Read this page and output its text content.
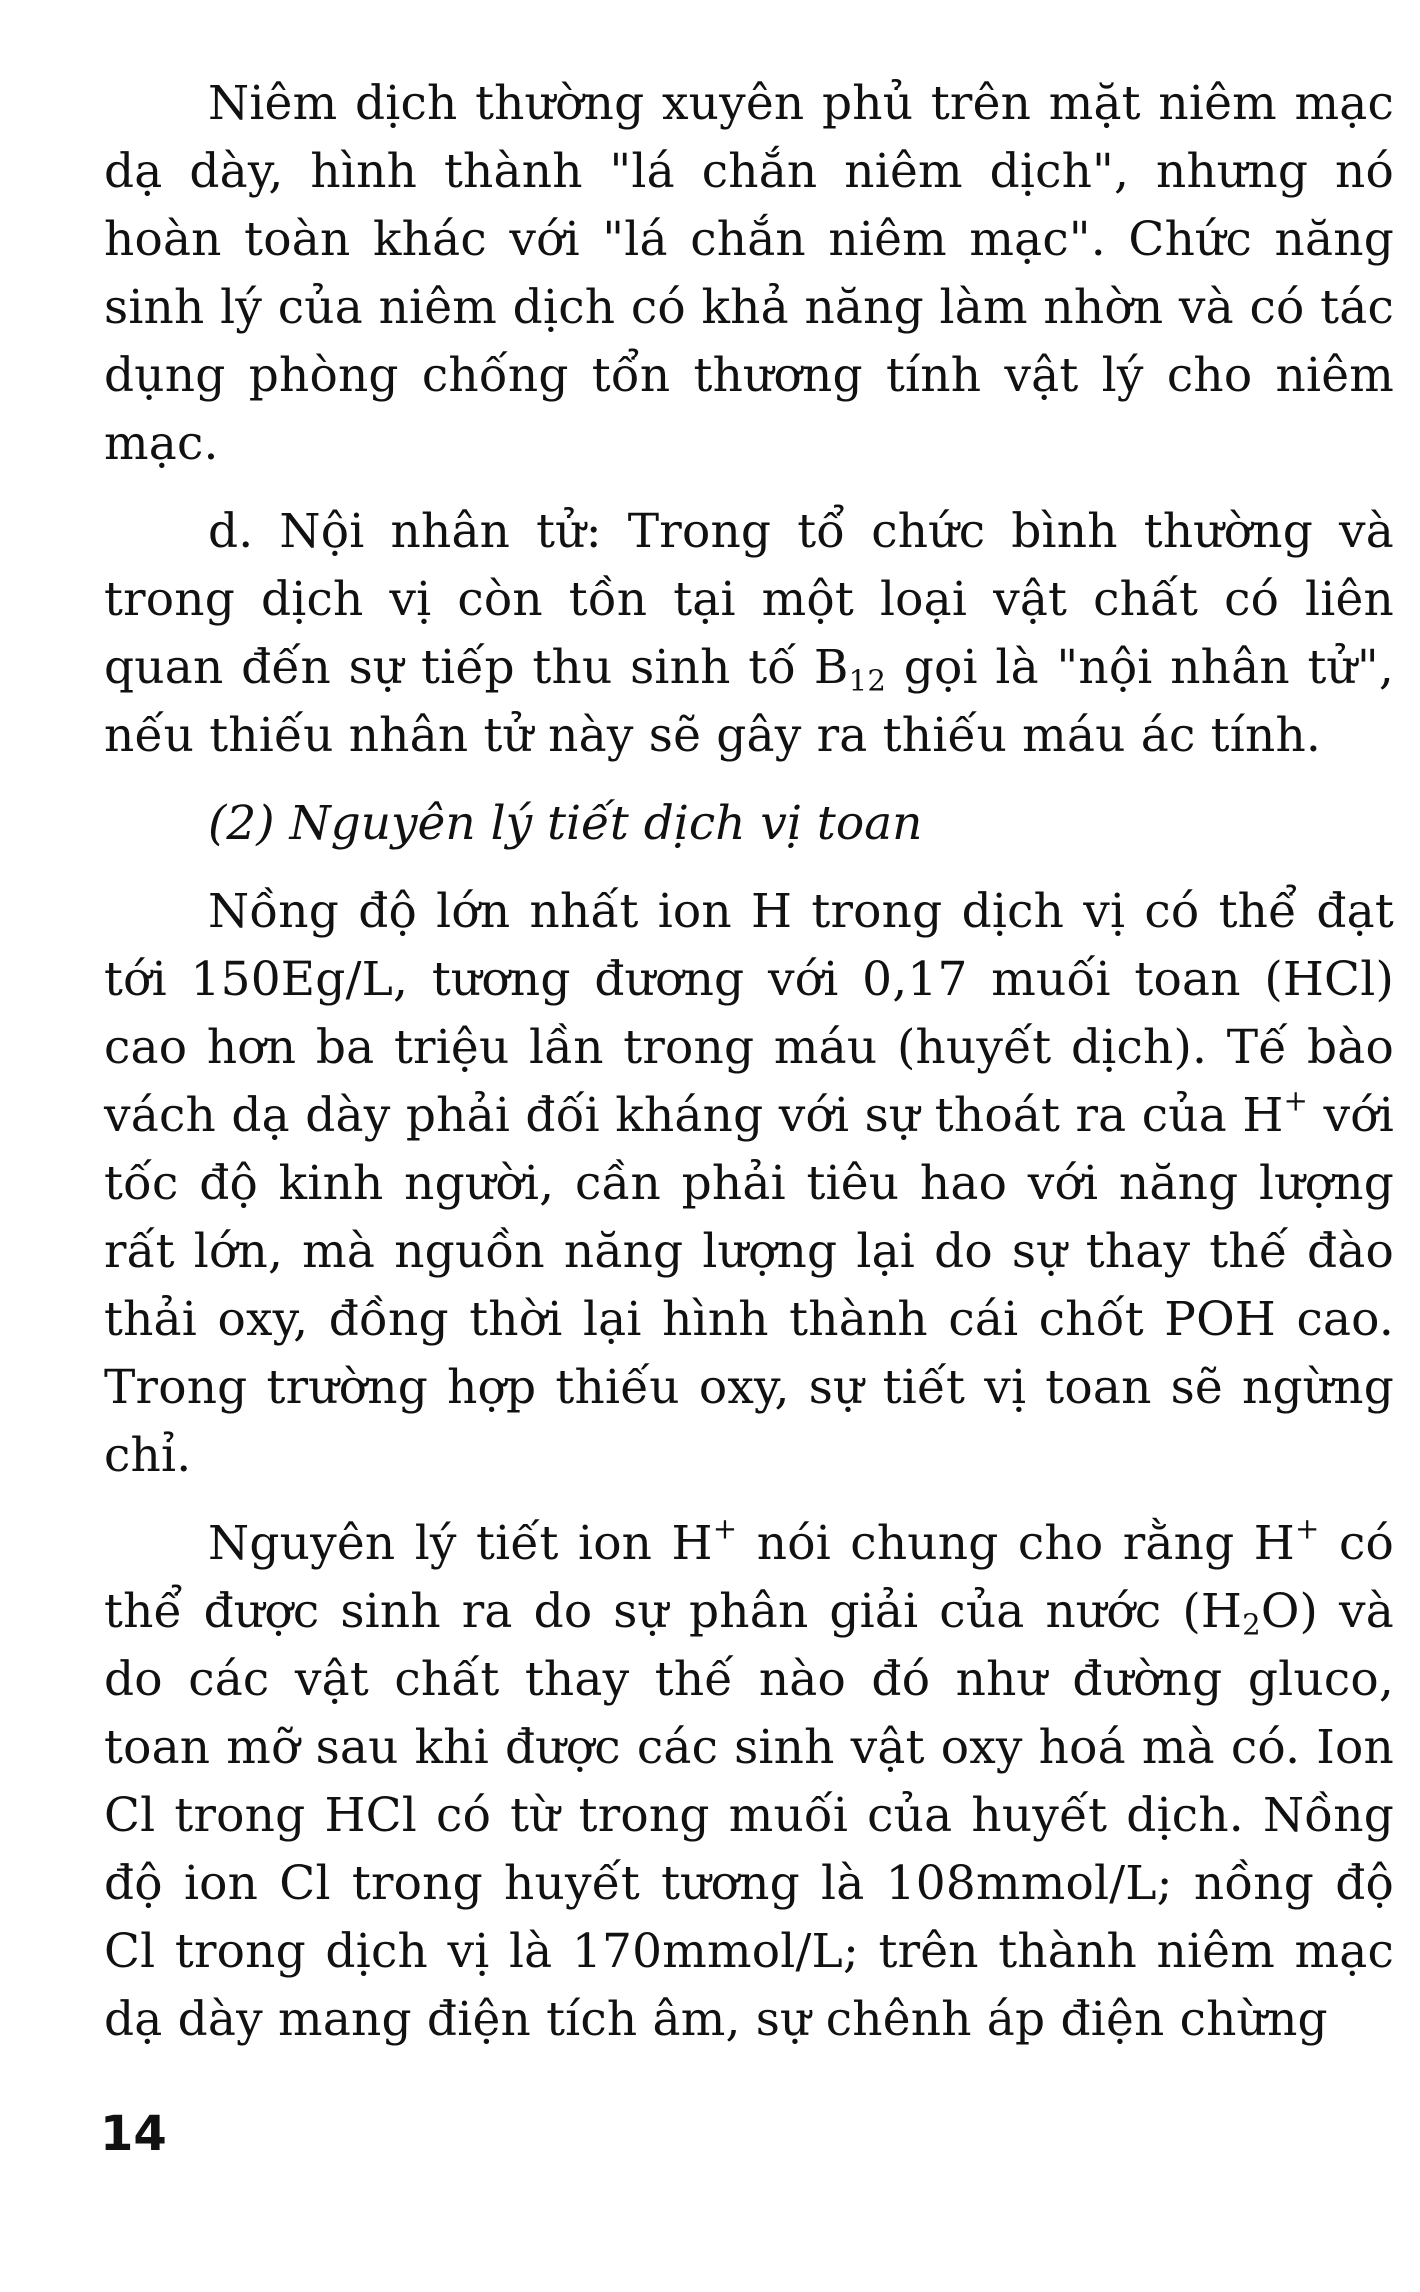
Niêm dịch thường xuyên phủ trên mặt niêm mạc dạ dày, hình thành "lá chắn niêm dịch", nhưng nó hoàn toàn khác với "lá chắn niêm mạc". Chức năng sinh lý của niêm dịch có khả năng làm nhờn và có tác dụng phòng chống tổn thương tính vật lý cho niêm mạc.

d. Nội nhân tử: Trong tổ chức bình thường và trong dịch vị còn tồn tại một loại vật chất có liên quan đến sự tiếp thu sinh tố $B_{12}$ gọi là "nội nhân tử", nếu thiếu nhân tử này sẽ gây ra thiếu máu ác tính.

(2) Nguyên lý tiết dịch vị toan

Nồng độ lớn nhất ion H trong dịch vị có thể đạt tới 150Eg/L, tương đương với 0,17 muối toan (HCl) cao hơn ba triệu lần trong máu (huyết dịch). Tế bào vách dạ dày phải đối kháng với sự thoát ra của H+ với tốc độ kinh người, cần phải tiêu hao với năng lượng rất lớn, mà nguồn năng lượng lại do sự thay thế đào thải oxy, đồng thời lại hình thành cái chốt POH cao. Trong trường hợp thiếu oxy, sự tiết vị toan sẽ ngừng chỉ.

Nguyên lý tiết ion H+ nói chung cho rằng H+ có thể được sinh ra do sự phân giải của nước $(H_2O)$ và do các vật chất thay thế nào đó như đường gluco, toan mỡ sau khi được các sinh vật oxy hoá mà có. Ion Cl trong HCl có từ trong muối của huyết dịch. Nồng độ ion Cl trong huyết tương là 108mmol/L; nồng độ Cl trong dịch vị là 170mmol/L; trên thành niêm mạc dạ dày mang điện tích âm, sự chênh áp điện chừng

14
